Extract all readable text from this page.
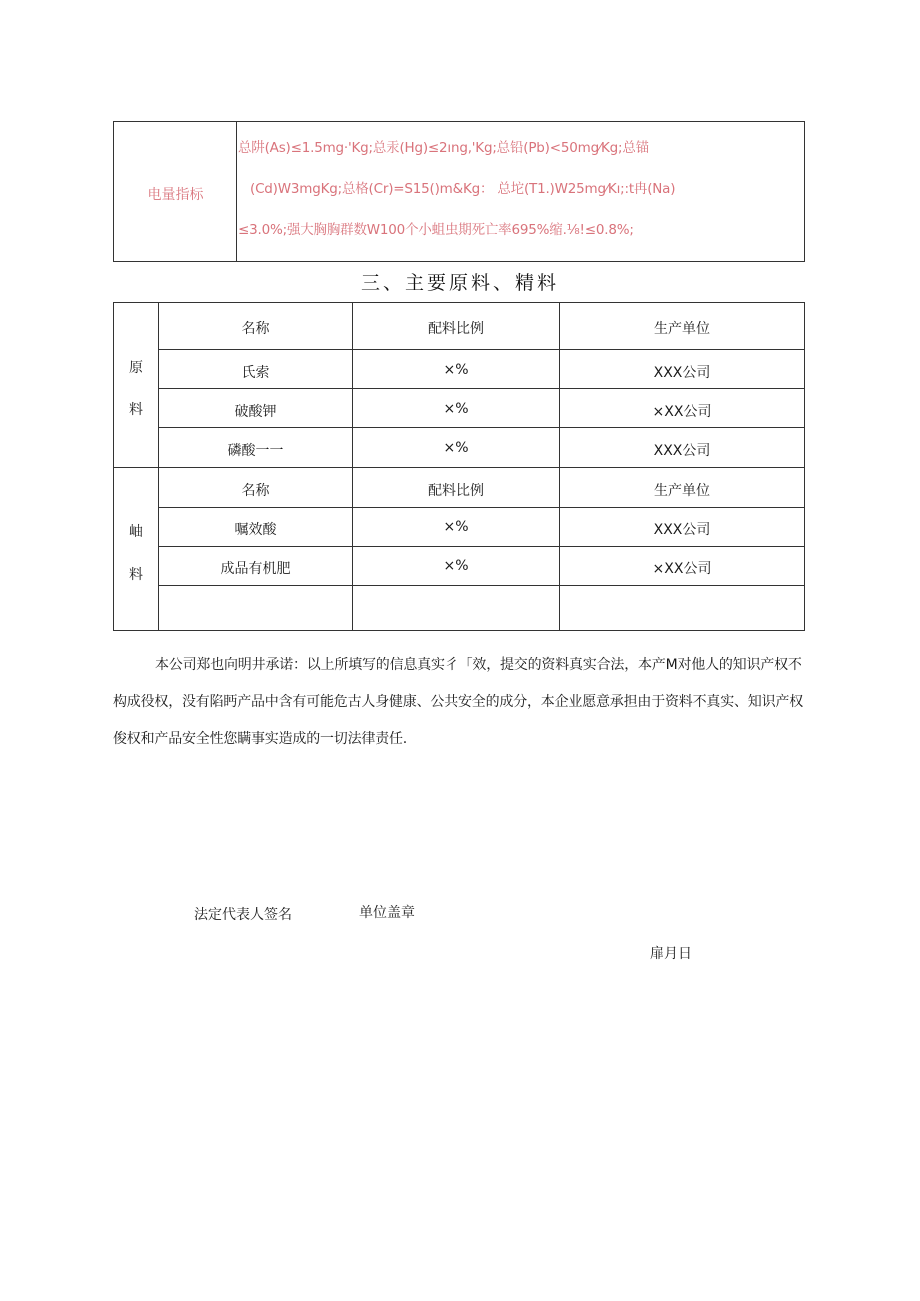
电量指标
总阱(As)≤1.5mg·'Kg;总汞(Hg)≤2ıng,'Kg;总铅(Pb)<50mg⁄Kg;总锚
(Cd)W3mgKg;总格(Cr)=S15()m&Kg： 总坨(T1.)W25mg⁄Kı;:t冉(Na)
≤3.0%;强大胸胸群数W100个小蛆虫期死亡率695%缩.⅛!≤0.8%;
三、主要原料、精料
原
料
名称	配料比例	生产单位
氏索	×%	XXX公司
破酸钾	×%	×XX公司
磷酸一一	×%	XXX公司
岫
料
名称	配料比例	生产单位
嘱效酸	×%	XXX公司
成品有机肥	×%	×XX公司
本公司郑也向明井承诺：以上所填写的信息真实彳「效，提交的资料真实合法，本产M对他人的知识产权不
构成役权，没有陷眄产品中含有可能危古人身健康、公共安全的成分，本企业愿意承担由于资料不真实、知识产权
俊权和产品安全性您瞒事实造成的一切法律责任.
法定代表人签名	单位盖章
扉月日
